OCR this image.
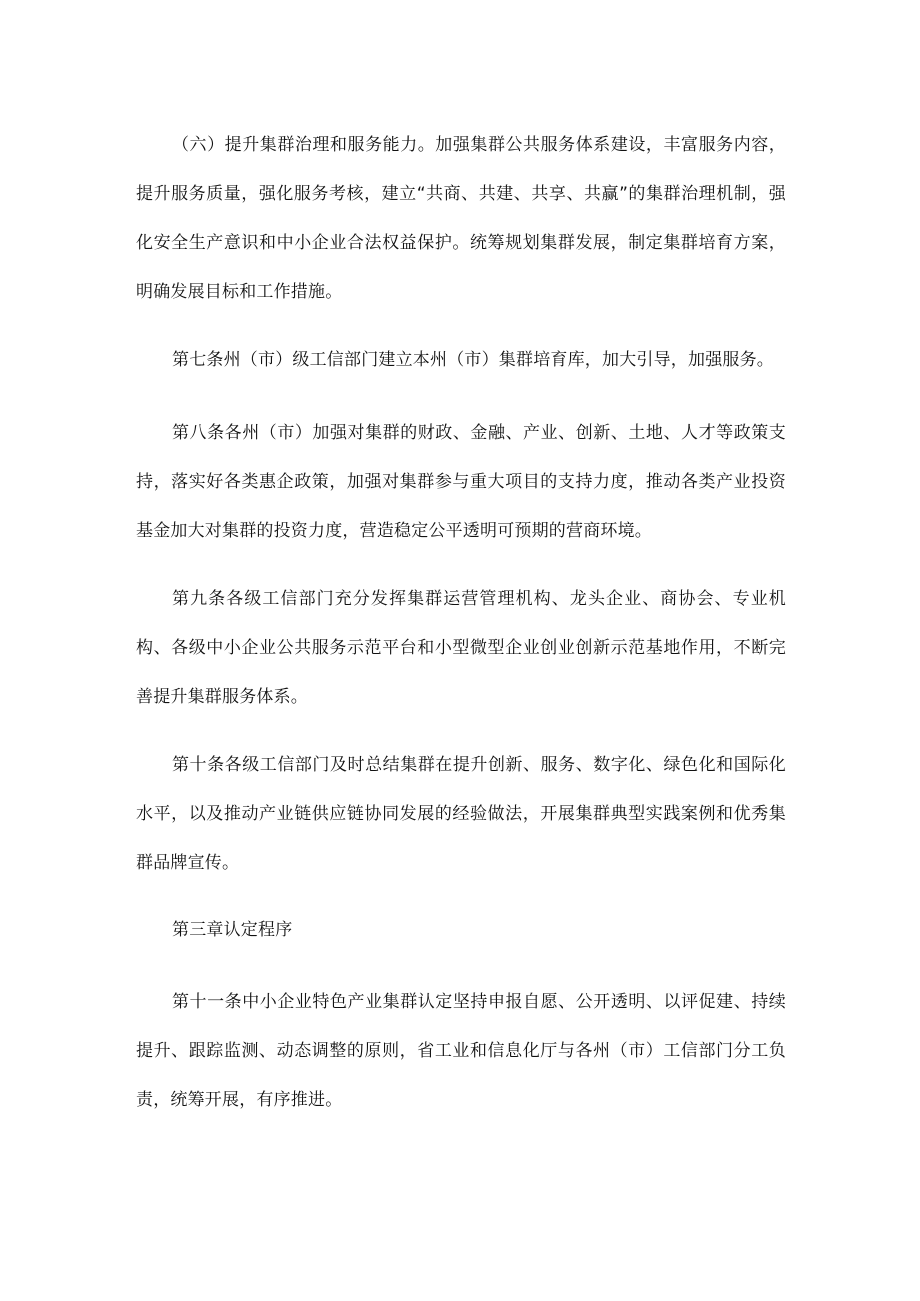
（六）提升集群治理和服务能力。加强集群公共服务体系建设，丰富服务内容，提升服务质量，强化服务考核，建立“共商、共建、共享、共赢”的集群治理机制，强化安全生产意识和中小企业合法权益保护。统筹规划集群发展，制定集群培育方案，明确发展目标和工作措施。

第七条州（市）级工信部门建立本州（市）集群培育库，加大引导，加强服务。

第八条各州（市）加强对集群的财政、金融、产业、创新、土地、人才等政策支持，落实好各类惠企政策，加强对集群参与重大项目的支持力度，推动各类产业投资基金加大对集群的投资力度，营造稳定公平透明可预期的营商环境。

第九条各级工信部门充分发挥集群运营管理机构、龙头企业、商协会、专业机构、各级中小企业公共服务示范平台和小型微型企业创业创新示范基地作用，不断完善提升集群服务体系。

第十条各级工信部门及时总结集群在提升创新、服务、数字化、绿色化和国际化水平，以及推动产业链供应链协同发展的经验做法，开展集群典型实践案例和优秀集群品牌宣传。

第三章认定程序

第十一条中小企业特色产业集群认定坚持申报自愿、公开透明、以评促建、持续提升、跟踪监测、动态调整的原则，省工业和信息化厅与各州（市）工信部门分工负责，统筹开展，有序推进。
